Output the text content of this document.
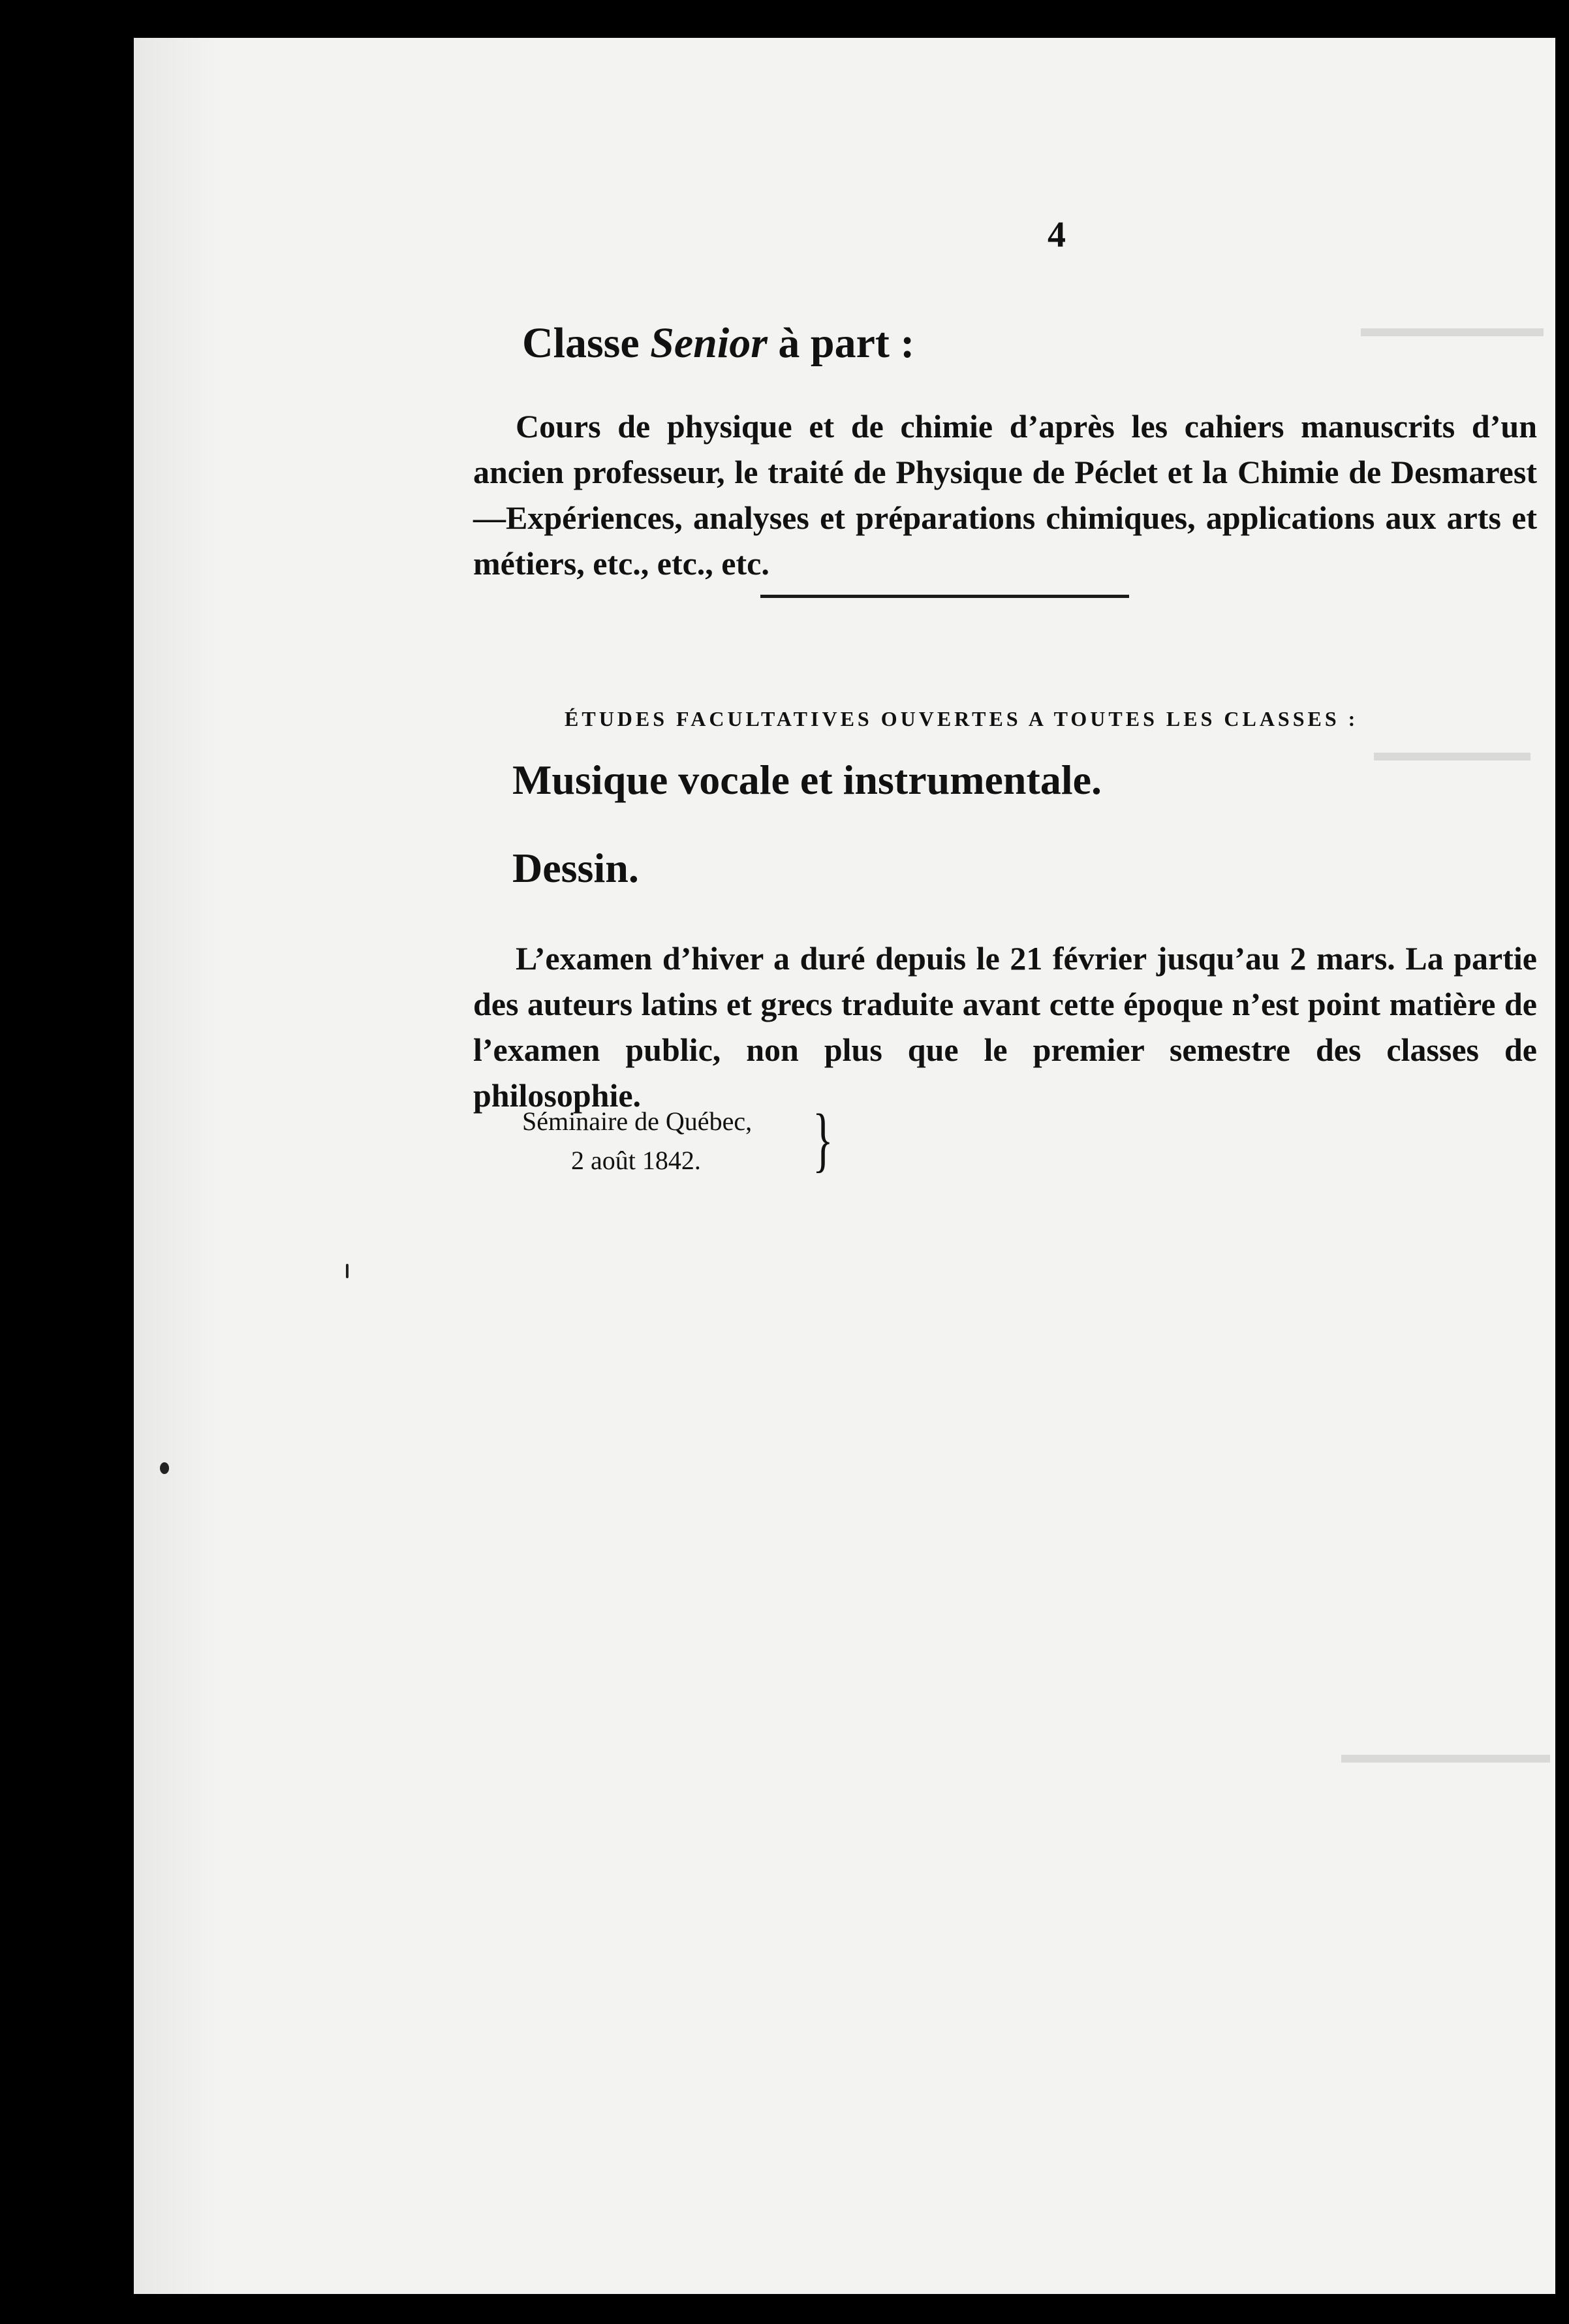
▬▬▬▬▬▬▬
▬▬▬▬▬▬
▬▬▬▬▬▬▬▬
4
Classe Senior à part :

Cours de physique et de chimie d’après les cahiers manuscrits d’un ancien professeur, le traité de Physique de Péclet et la Chimie de Desmarest—Expériences, analyses et préparations chimiques, applications aux arts et métiers, etc., etc., etc.

ÉTUDES FACULTATIVES OUVERTES A TOUTES LES CLASSES :
Musique vocale et instrumentale.
Dessin.

L’examen d’hiver a duré depuis le 21 février jusqu’au 2 mars. La partie des auteurs latins et grecs traduite avant cette époque n’est point matière de l’examen public, non plus que le premier semestre des classes de philosophie.

Séminaire de Québec,
2 août 1842.	}
